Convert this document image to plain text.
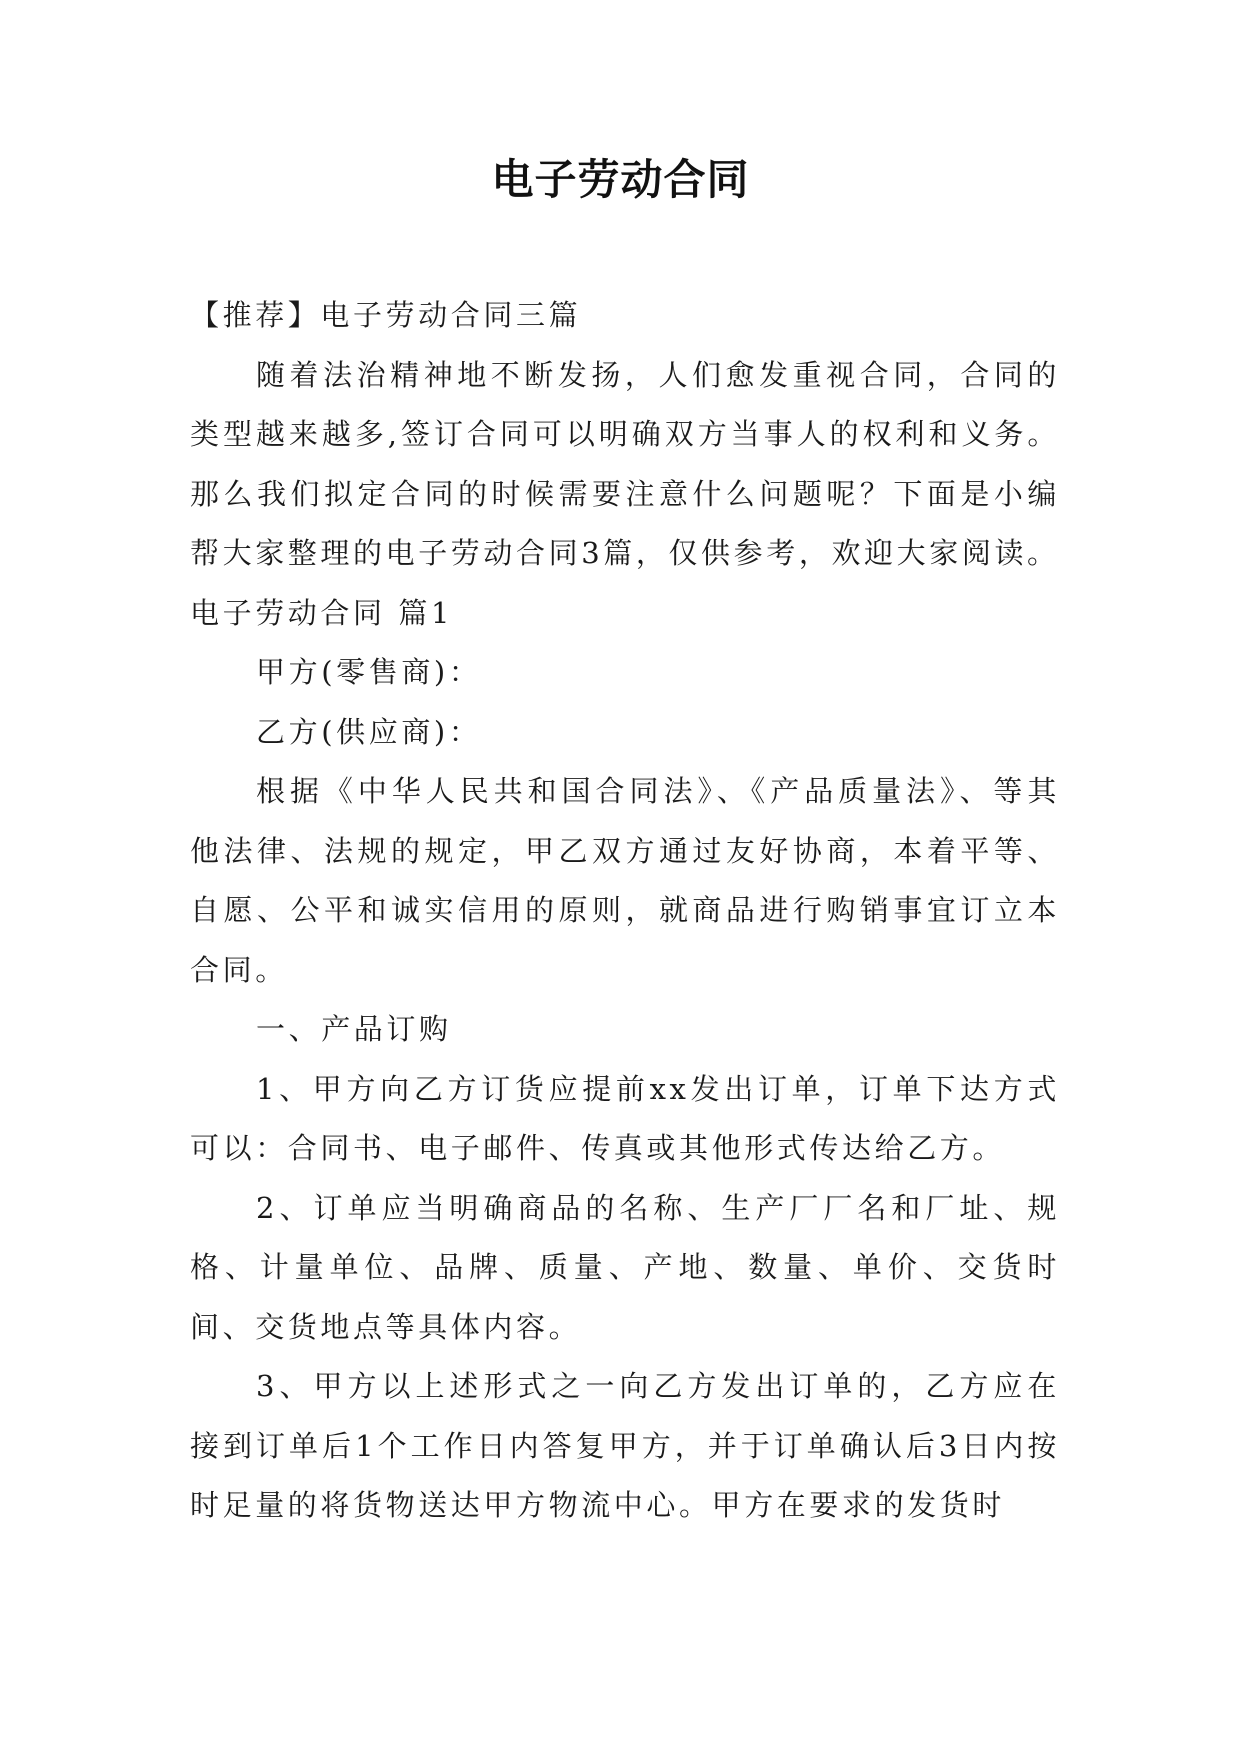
电子劳动合同

【推荐】电子劳动合同三篇

随着法治精神地不断发扬，人们愈发重视合同，合同的类型越来越多,签订合同可以明确双方当事人的权利和义务。那么我们拟定合同的时候需要注意什么问题呢？下面是小编帮大家整理的电子劳动合同3篇，仅供参考，欢迎大家阅读。

电子劳动合同 篇1

甲方(零售商)：

乙方(供应商)：

根据《中华人民共和国合同法》、《产品质量法》、等其他法律、法规的规定，甲乙双方通过友好协商，本着平等、自愿、公平和诚实信用的原则，就商品进行购销事宜订立本合同。

一、产品订购

1、甲方向乙方订货应提前xx发出订单，订单下达方式可以：合同书、电子邮件、传真或其他形式传达给乙方。

2、订单应当明确商品的名称、生产厂厂名和厂址、规格、计量单位、品牌、质量、产地、数量、单价、交货时间、交货地点等具体内容。

3、甲方以上述形式之一向乙方发出订单的，乙方应在接到订单后1个工作日内答复甲方，并于订单确认后3日内按时足量的将货物送达甲方物流中心。甲方在要求的发货时
